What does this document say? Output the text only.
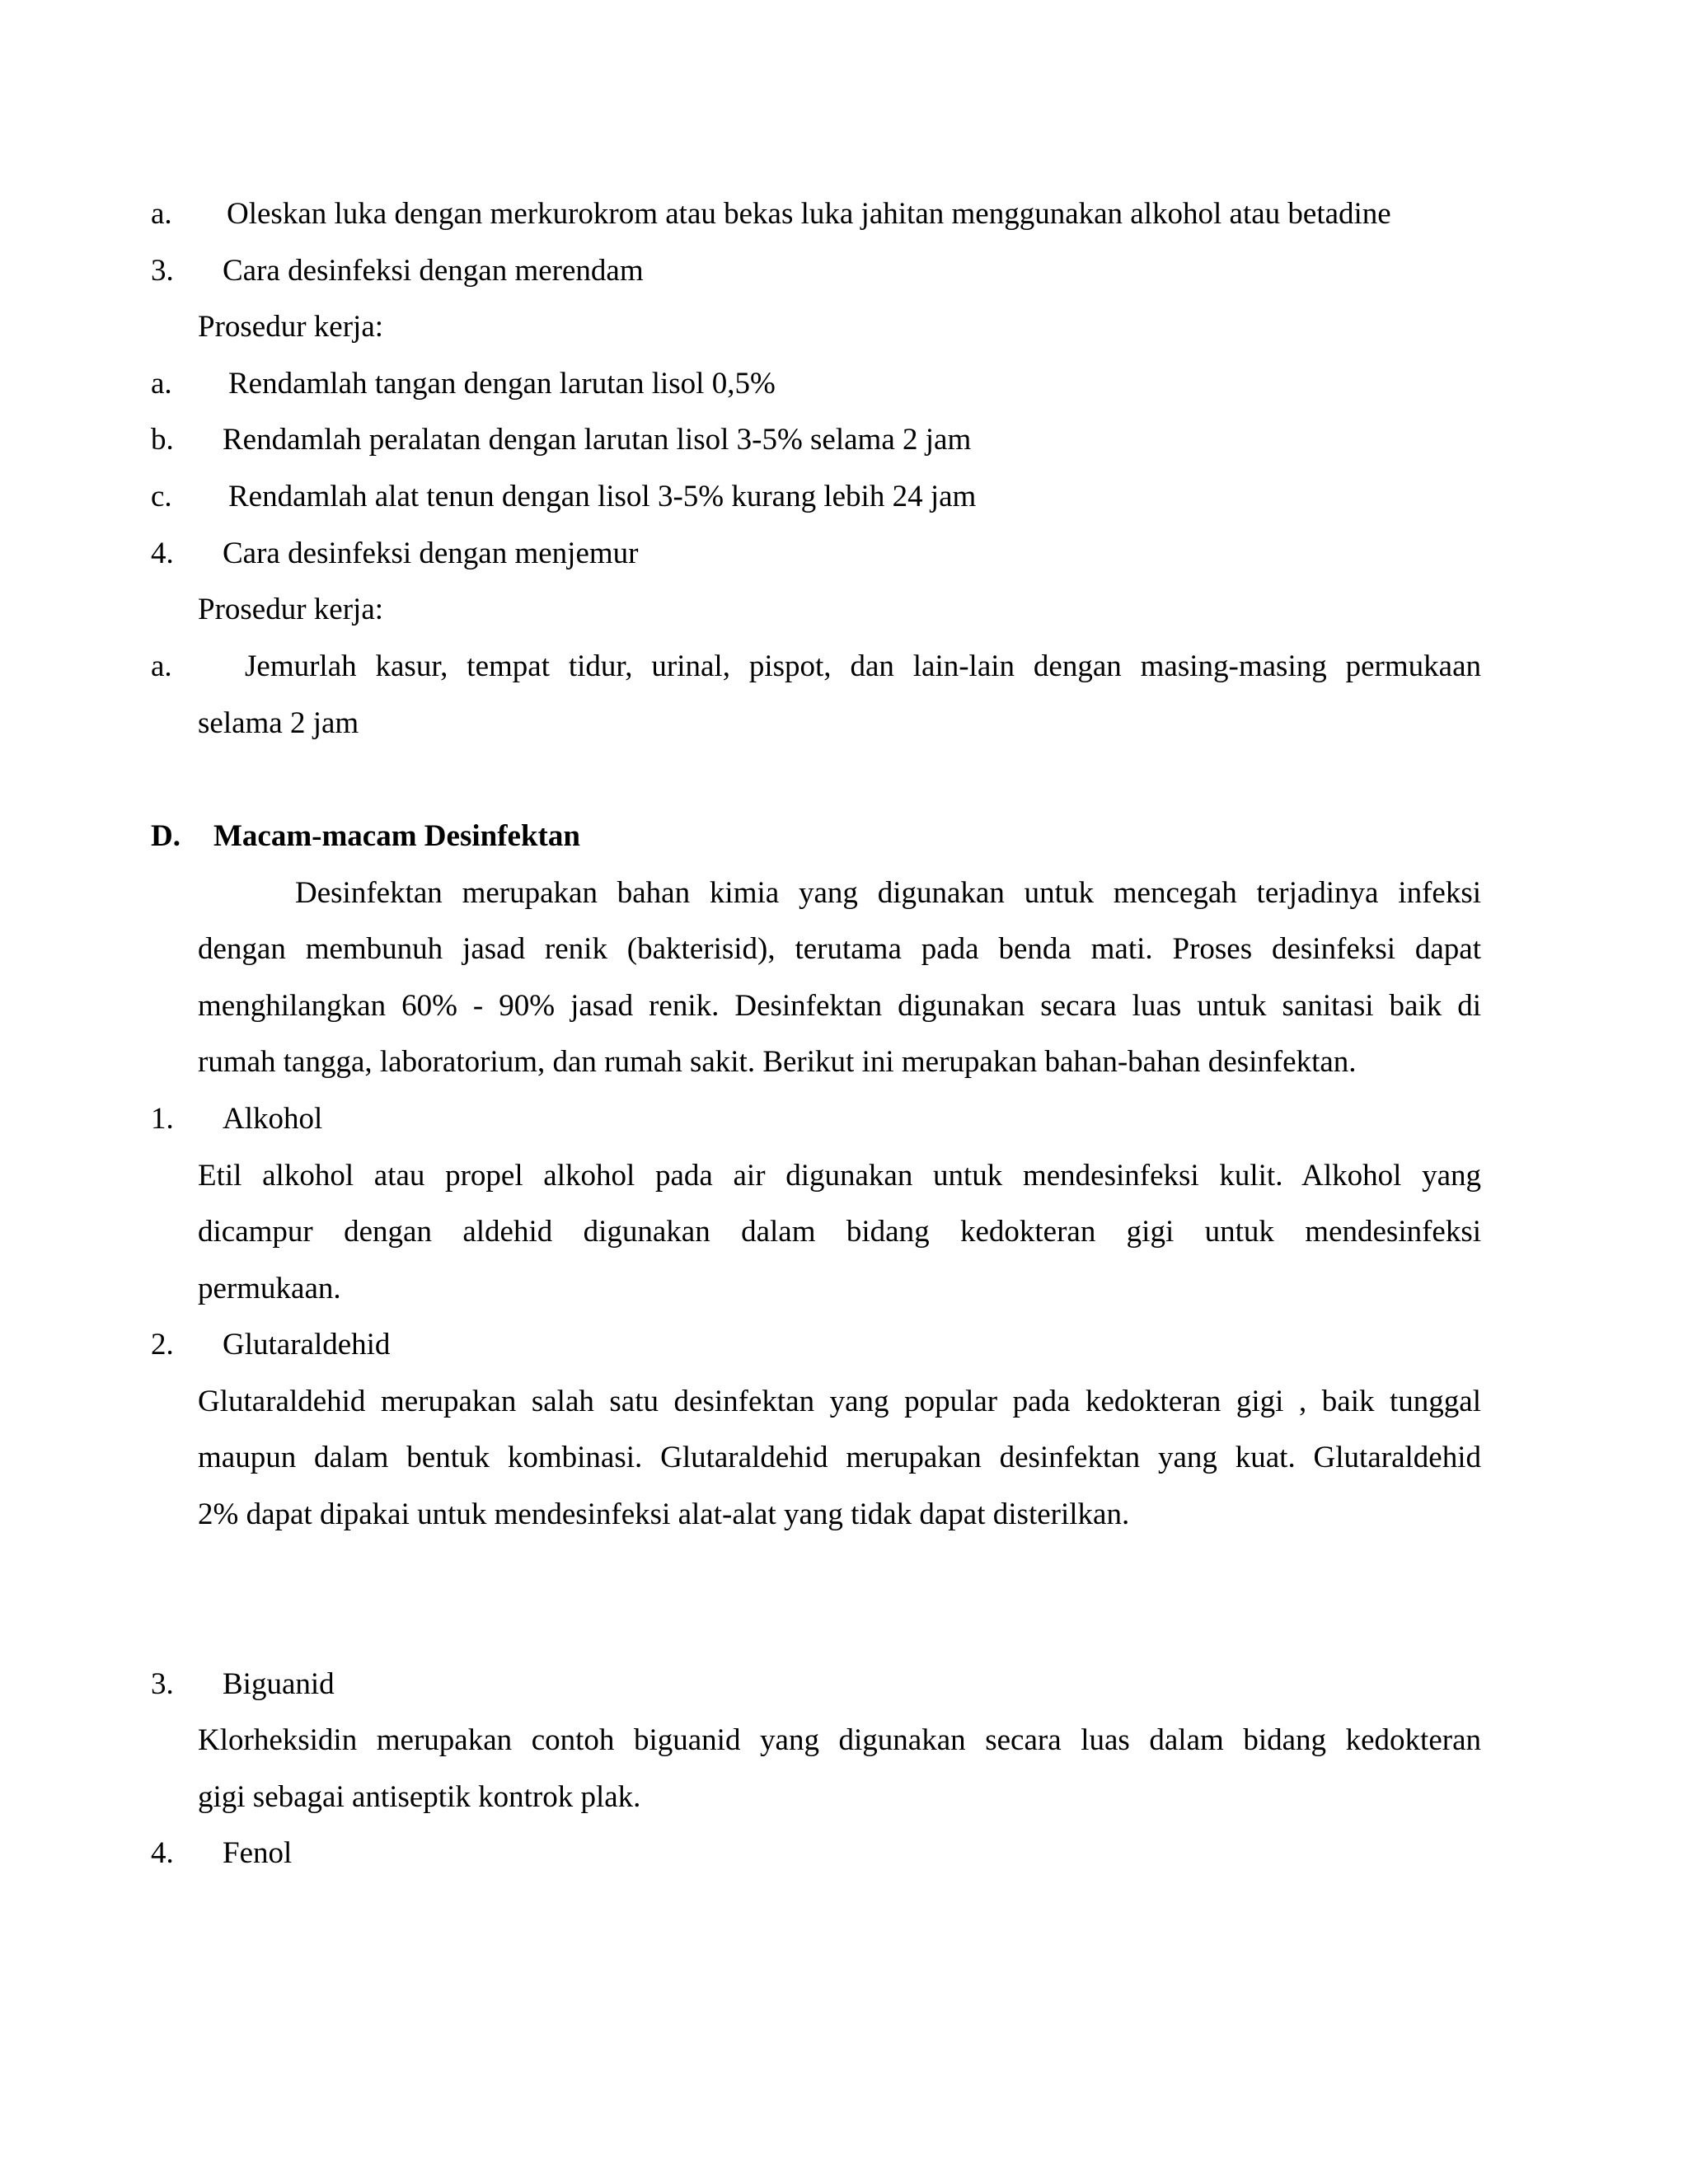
a. Oleskan luka dengan merkurokrom atau bekas luka jahitan menggunakan alkohol atau betadine
3. Cara desinfeksi dengan merendam
Prosedur kerja:
a. Rendamlah tangan dengan larutan lisol 0,5%
b. Rendamlah peralatan dengan larutan lisol 3-5% selama 2 jam
c. Rendamlah alat tenun dengan lisol 3-5% kurang lebih 24 jam
4. Cara desinfeksi dengan menjemur
Prosedur kerja:
a. Jemurlah kasur, tempat tidur, urinal, pispot, dan lain-lain dengan masing-masing permukaan
selama 2 jam
D. Macam-macam Desinfektan
Desinfektan merupakan bahan kimia yang digunakan untuk mencegah terjadinya infeksi
dengan membunuh jasad renik (bakterisid), terutama pada benda mati. Proses desinfeksi dapat
menghilangkan 60% - 90% jasad renik. Desinfektan digunakan secara luas untuk sanitasi baik di
rumah tangga, laboratorium, dan rumah sakit. Berikut ini merupakan bahan-bahan desinfektan.
1. Alkohol
Etil alkohol atau propel alkohol pada air digunakan untuk mendesinfeksi kulit. Alkohol yang
dicampur dengan aldehid digunakan dalam bidang kedokteran gigi untuk mendesinfeksi
permukaan.
2. Glutaraldehid
Glutaraldehid merupakan salah satu desinfektan yang popular pada kedokteran gigi , baik tunggal
maupun dalam bentuk kombinasi. Glutaraldehid merupakan desinfektan yang kuat. Glutaraldehid
2% dapat dipakai untuk mendesinfeksi alat-alat yang tidak dapat disterilkan.
3. Biguanid
Klorheksidin merupakan contoh biguanid yang digunakan secara luas dalam bidang kedokteran
gigi sebagai antiseptik kontrok plak.
4. Fenol
